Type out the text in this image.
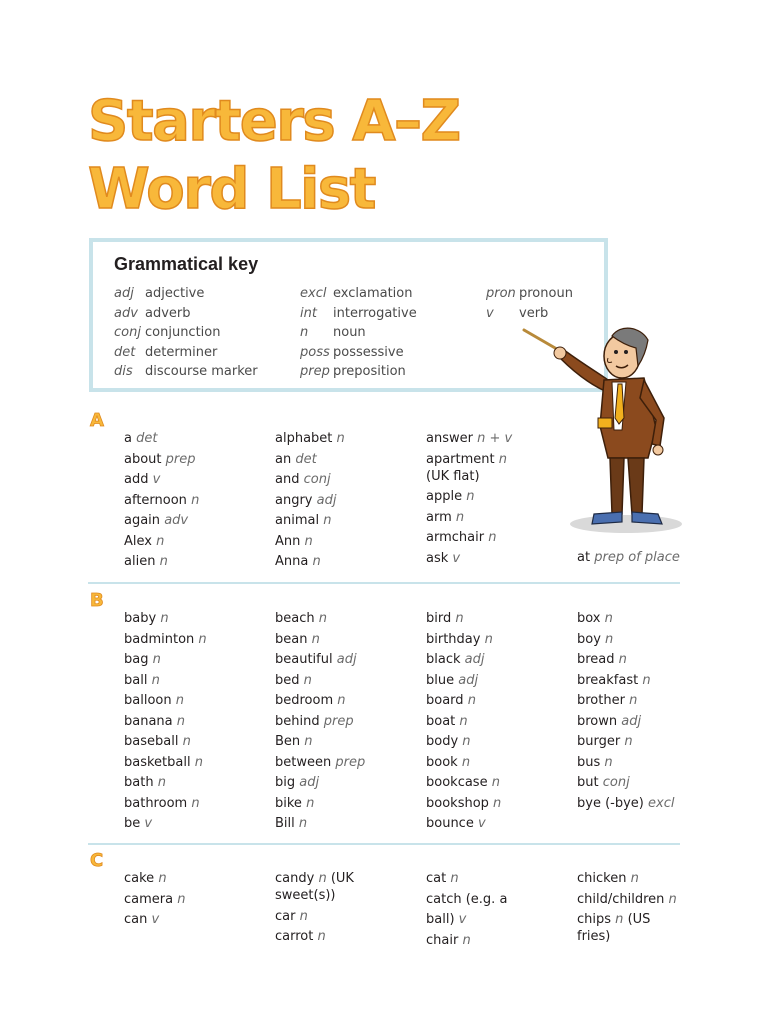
Starters A–Z
Word List
Grammatical key
adj adjective
adv adverb
conj conjunction
det determiner
dis discourse marker
excl exclamation
int interrogative
n noun
poss possessive
prep preposition
pron pronoun
v verb
A
a det
about prep
add v
afternoon n
again adv
Alex n
alien n
alphabet n
an det
and conj
angry adj
animal n
Ann n
Anna n
answer n + v
apartment n
(UK flat)
apple n
arm n
armchair n
ask v	at prep of place
B
baby n
badminton n
bag n
ball n
balloon n
banana n
baseball n
basketball n
bath n
bathroom n
be v
beach n
bean n
beautiful adj
bed n
bedroom n
behind prep
Ben n
between prep
big adj
bike n
Bill n
bird n
birthday n
black adj
blue adj
board n
boat n
body n
book n
bookcase n
bookshop n
bounce v
box n
boy n
bread n
breakfast n
brother n
brown adj
burger n
bus n
but conj
bye (-bye) excl
C
cake n
camera n
can v
candy n (UK
sweet(s))
car n
carrot n
cat n
catch (e.g. a
ball) v
chair n
chicken n
child/children n
chips n (US
fries)
